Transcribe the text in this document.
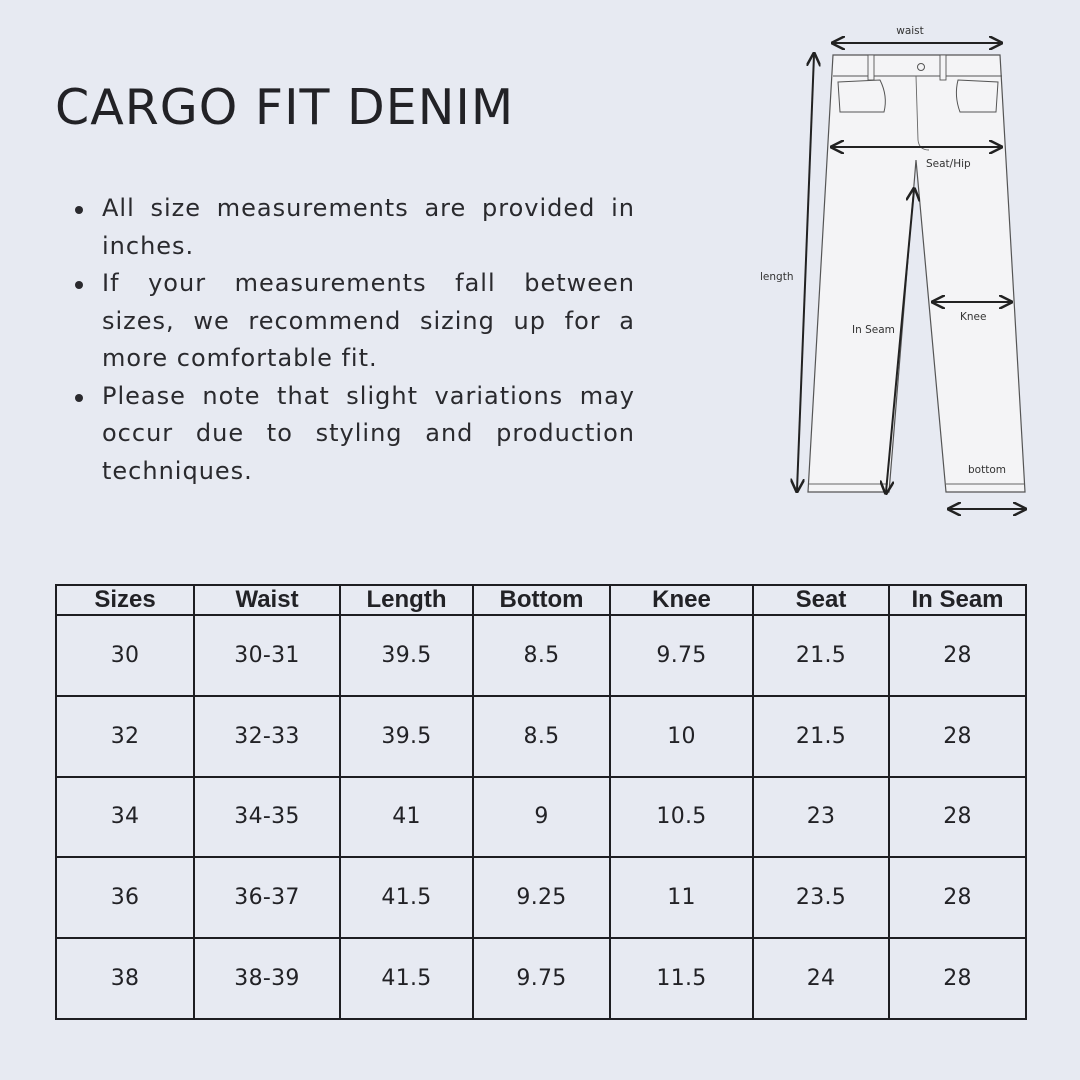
CARGO FIT DENIM
All size measurements are provided in inches.
If your measurements fall between sizes, we recommend sizing up for a more comfortable fit.
Please note that slight variations may occur due to styling and production techniques.
waist
Seat/Hip
length
In Seam
Knee
bottom
Sizes	Waist	Length	Bottom	Knee	Seat	In Seam
30	30-31	39.5	8.5	9.75	21.5	28
32	32-33	39.5	8.5	10	21.5	28
34	34-35	41	9	10.5	23	28
36	36-37	41.5	9.25	11	23.5	28
38	38-39	41.5	9.75	11.5	24	28
